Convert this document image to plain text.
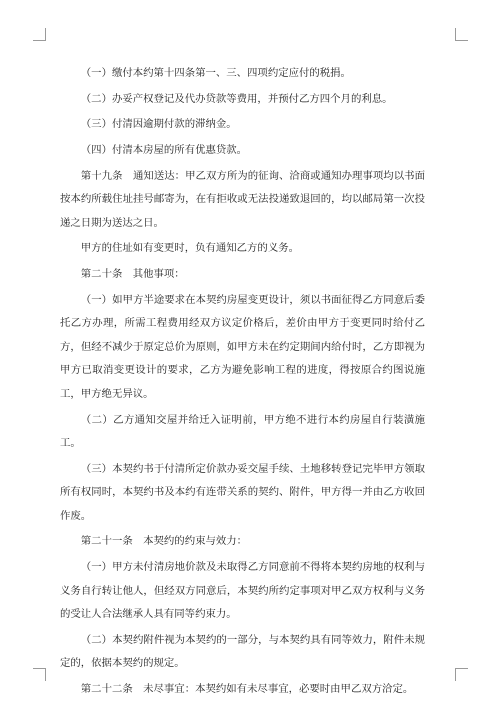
（一）缴付本约第十四条第一、三、四项约定应付的税捐。

（二）办妥产权登记及代办贷款等费用，并预付乙方四个月的利息。

（三）付清因逾期付款的滞纳金。

（四）付清本房屋的所有优惠贷款。

第十九条　通知送达：甲乙双方所为的征询、洽商或通知办理事项均以书面按本约所载住址挂号邮寄为，在有拒收或无法投递致退回的，均以邮局第一次投递之日期为送达之日。

甲方的住址如有变更时，负有通知乙方的义务。

第二十条　其他事项：

（一）如甲方半途要求在本契约房屋变更设计，须以书面征得乙方同意后委托乙方办理，所需工程费用经双方议定价格后，差价由甲方于变更同时给付乙方，但经不减少于原定总价为原则，如甲方未在约定期间内给付时，乙方即视为甲方已取消变更设计的要求，乙方为避免影响工程的进度，得按原合约图说施工，甲方绝无异议。

（二）乙方通知交屋并给迁入证明前，甲方绝不进行本约房屋自行装潢施工。

（三）本契约书于付清所定价款办妥交屋手续、土地移转登记完毕甲方领取所有权同时，本契约书及本约有连带关系的契约、附件，甲方得一并由乙方收回作废。

第二十一条　本契约的约束与效力：

（一）甲方未付清房地价款及未取得乙方同意前不得将本契约房地的权利与义务自行转让他人，但经双方同意后，本契约所约定事项对甲乙双方权利与义务的受让人合法继承人具有同等约束力。

（二）本契约附件视为本契约的一部分，与本契约具有同等效力，附件未规定的，依据本契约的规定。

第二十二条　未尽事宜：本契约如有未尽事宜，必要时由甲乙双方洽定。
